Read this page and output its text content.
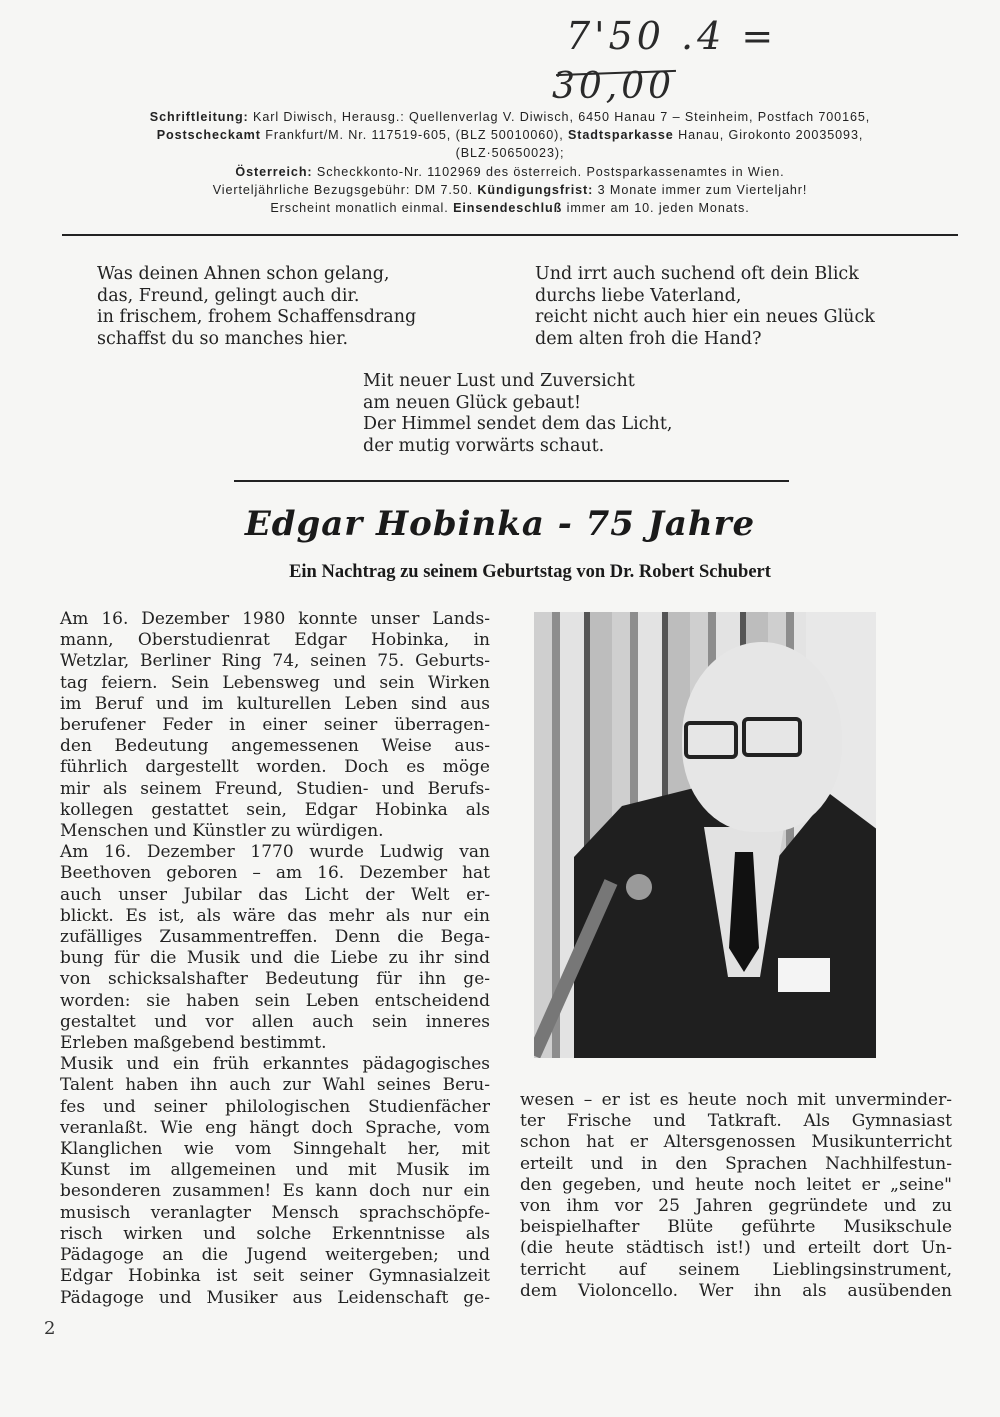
7'50 .4 =
30,00
Schriftleitung: Karl Diwisch, Herausg.: Quellenverlag V. Diwisch, 6450 Hanau 7 – Steinheim, Postfach 700165,
Postscheckamt Frankfurt/M. Nr. 117519-605, (BLZ 50010060), Stadtsparkasse Hanau, Girokonto 20035093,
(BLZ·50650023);
Österreich: Scheckkonto-Nr. 1102969 des österreich. Postsparkassenamtes in Wien.
Vierteljährliche Bezugsgebühr: DM 7.50. Kündigungsfrist: 3 Monate immer zum Vierteljahr!
Erscheint monatlich einmal. Einsendeschluß immer am 10. jeden Monats.
Was deinen Ahnen schon gelang,
das, Freund, gelingt auch dir.
in frischem, frohem Schaffensdrang
schaffst du so manches hier.
Und irrt auch suchend oft dein Blick
durchs liebe Vaterland,
reicht nicht auch hier ein neues Glück
dem alten froh die Hand?
Mit neuer Lust und Zuversicht
am neuen Glück gebaut!
Der Himmel sendet dem das Licht,
der mutig vorwärts schaut.
Edgar Hobinka - 75 Jahre
Ein Nachtrag zu seinem Geburtstag von Dr. Robert Schubert
Am 16. Dezember 1980 konnte unser Lands-
mann, Oberstudienrat Edgar Hobinka, in
Wetzlar, Berliner Ring 74, seinen 75. Geburts-
tag feiern. Sein Lebensweg und sein Wirken
im Beruf und im kulturellen Leben sind aus
berufener Feder in einer seiner überragen-
den Bedeutung angemessenen Weise aus-
führlich dargestellt worden. Doch es möge
mir als seinem Freund, Studien- und Berufs-
kollegen gestattet sein, Edgar Hobinka als
Menschen und Künstler zu würdigen.
Am 16. Dezember 1770 wurde Ludwig van
Beethoven geboren – am 16. Dezember hat
auch unser Jubilar das Licht der Welt er-
blickt. Es ist, als wäre das mehr als nur ein
zufälliges Zusammentreffen. Denn die Bega-
bung für die Musik und die Liebe zu ihr sind
von schicksalshafter Bedeutung für ihn ge-
worden: sie haben sein Leben entscheidend
gestaltet und vor allen auch sein inneres
Erleben maßgebend bestimmt.
Musik und ein früh erkanntes pädagogisches
Talent haben ihn auch zur Wahl seines Beru-
fes und seiner philologischen Studienfächer
veranlaßt. Wie eng hängt doch Sprache, vom
Klanglichen wie vom Sinngehalt her, mit
Kunst im allgemeinen und mit Musik im
besonderen zusammen! Es kann doch nur ein
musisch veranlagter Mensch sprachschöpfe-
risch wirken und solche Erkenntnisse als
Pädagoge an die Jugend weitergeben; und
Edgar Hobinka ist seit seiner Gymnasialzeit
Pädagoge und Musiker aus Leidenschaft ge-
wesen – er ist es heute noch mit unverminder-
ter Frische und Tatkraft. Als Gymnasiast
schon hat er Altersgenossen Musikunterricht
erteilt und in den Sprachen Nachhilfestun-
den gegeben, und heute noch leitet er „seine"
von ihm vor 25 Jahren gegründete und zu
beispielhafter Blüte geführte Musikschule
(die heute städtisch ist!) und erteilt dort Un-
terricht auf seinem Lieblingsinstrument,
dem Violoncello. Wer ihn als ausübenden
2
